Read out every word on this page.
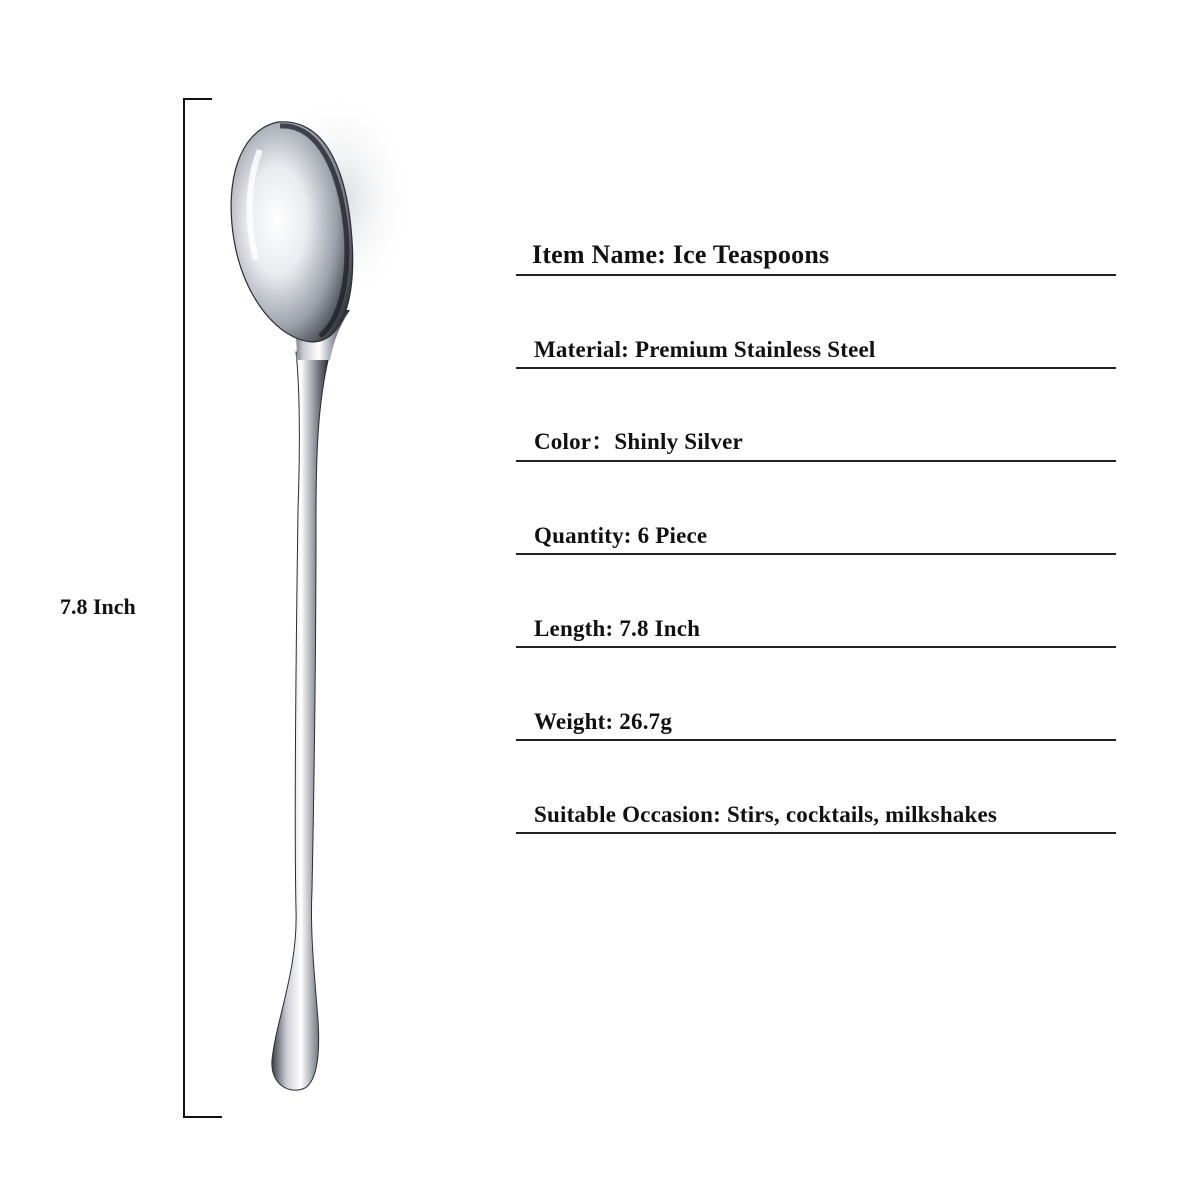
7.8 Inch
Item Name: Ice Teaspoons
Material: Premium Stainless Steel
Color：Shinly Silver
Quantity: 6 Piece
Length: 7.8 Inch
Weight: 26.7g
Suitable Occasion: Stirs, cocktails, milkshakes
